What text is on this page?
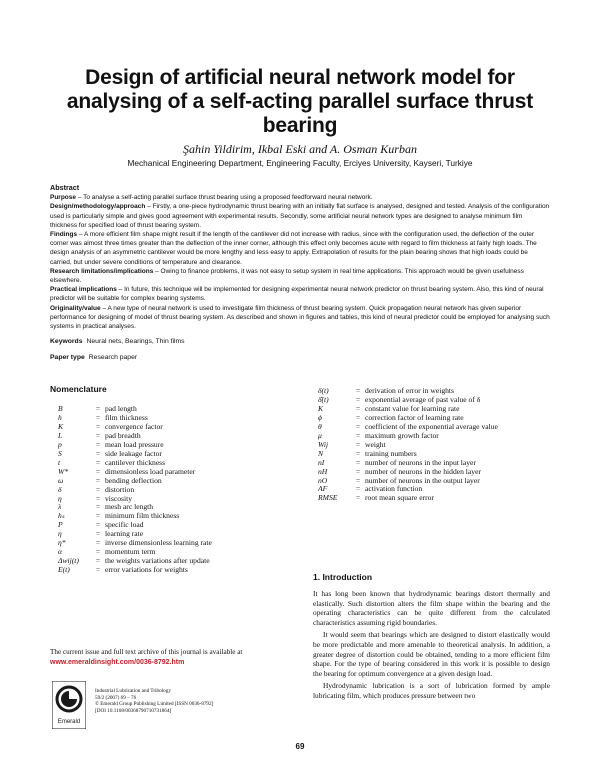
Design of artificial neural network model for analysing of a self-acting parallel surface thrust bearing
Şahin Yildirim, Ikbal Eski and A. Osman Kurban
Mechanical Engineering Department, Engineering Faculty, Erciyes University, Kayseri, Turkiye
Abstract

Purpose – To analyse a self-acting parallel surface thrust bearing using a proposed feedforward neural network.

Design/methodology/approach – Firstly, a one-piece hydrodynamic thrust bearing with an initially flat surface is analysed, designed and tested. Analysis of the configuration used is particularly simple and gives good agreement with experimental results. Secondly, some artificial neural network types are designed to analyse minimum film thickness for specified load of thrust bearing system.

Findings – A more efficient film shape might result if the length of the cantilever did not increase with radius, since with the configuration used, the deflection of the outer corner was almost three times greater than the deflection of the inner corner, although this effect only becomes acute with regard to film thickness at fairly high loads. The design analysis of an asymmetric cantilever would be more lengthy and less easy to apply. Extrapolation of results for the plain bearing shows that high loads could be carried, but under severe conditions of temperature and clearance.

Research limitations/implications – Owing to finance problems, it was not easy to setup system in real time applications. This approach would be given usefulness elsewhere.

Practical implications – In future, this technique will be implemented for designing experimental neural network predictor on thrust bearing system. Also, this kind of neural predictor will be suitable for complex bearing systems.

Originality/value – A new type of neural network is used to investigate film thickness of thrust bearing system. Quick propagation neural network has given superior performance for designing of model of thrust bearing system. As described and shown in figures and tables, this kind of neural predictor could be employed for analysing such systems in practical analyses.

Keywords Neural nets, Bearings, Thin films
Paper type Research paper
Nomenclature
B	=	pad length
h	=	film thickness
K	=	convergence factor
L	=	pad breadth
p	=	mean load pressure
S	=	side leakage factor
t	=	cantilever thickness
W*	=	dimensionless load parameter
ω	=	bending deflection
δ	=	distortion
η	=	viscosity
λ	=	mesh arc length
hₛ	=	minimum film thickness
P	=	specific load
η	=	learning rate
η*	=	inverse dimensionless learning rate
α	=	momentum term
Δwij(t)	=	the weights variations after update
E(t)	=	error variations for weights
δ(t)	=	derivation of error in weights
δ̄(t)	=	exponential average of past value of δ
K	=	constant value for learning rate
ϕ	=	correction factor of learning rate
θ	=	coefficient of the exponential average value
μ	=	maximum growth factor
Wij	=	weight
N	=	training numbers
nI	=	number of neurons in the input layer
nH	=	number of neurons in the hidden layer
nO	=	number of neurons in the output layer
AF	=	activation function
RMSE	=	root mean square error
1. Introduction

It has long been known that hydrodynamic bearings distort thermally and elastically. Such distortion alters the film shape within the bearing and the operating characteristics can be quite different from the calculated characteristics assuming rigid boundaries.

It would seem that bearings which are designed to distort elastically would be more predictable and more amenable to theoretical analysis. In addition, a greater degree of distortion could be obtained, tending to a more efficient film shape. For the type of bearing considered in this work it is possible to design the bearing for optimum convergence at a given design load.

Hydrodynamic lubrication is a sort of lubrication formed by ample lubricating film, which produces pressure between two

The current issue and full text archive of this journal is available at
www.emeraldinsight.com/0036-8792.htm
Emerald
Industrial Lubrication and Tribology
59/2 (2007) 69 – 76
© Emerald Group Publishing Limited [ISSN 0036-8792]
[DOI 10.1108/00368790710731864]
69
